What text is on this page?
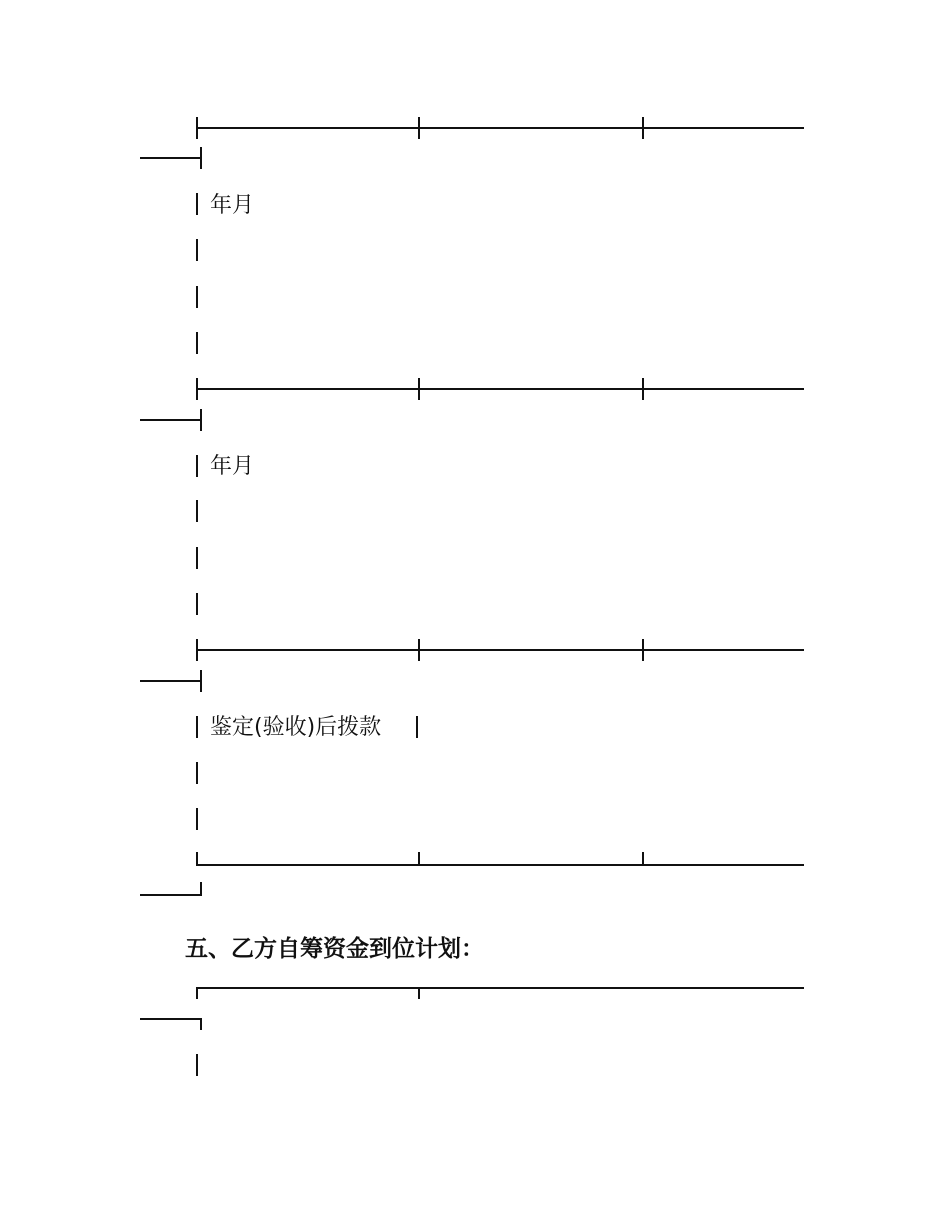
年月
年月
鉴定(验收)后拨款
五、乙方自筹资金到位计划：
